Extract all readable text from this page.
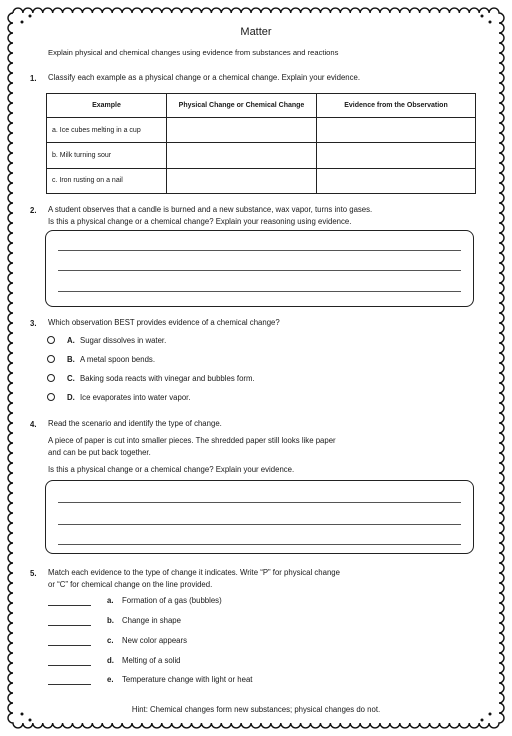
Matter
Explain physical and chemical changes using evidence from substances and reactions
1. Classify each example as a physical change or a chemical change. Explain your evidence.
Example	Physical Change or Chemical Change	Evidence from the Observation
a. Ice cubes melting in a cup		
b. Milk turning sour		
c. Iron rusting on a nail		
2. A student observes that a candle is burned and a new substance, wax vapor, turns into gases.
Is this a physical change or a chemical change? Explain your reasoning using evidence.
3. Which observation BEST provides evidence of a chemical change?
A. Sugar dissolves in water.
B. A metal spoon bends.
C. Baking soda reacts with vinegar and bubbles form.
D. Ice evaporates into water vapor.
4. Read the scenario and identify the type of change.
A piece of paper is cut into smaller pieces. The shredded paper still looks like paper
and can be put back together.
Is this a physical change or a chemical change? Explain your evidence.
5. Match each evidence to the type of change it indicates. Write “P” for physical change
or “C” for chemical change on the line provided.
a. Formation of a gas (bubbles)
b. Change in shape
c. New color appears
d. Melting of a solid
e. Temperature change with light or heat
Hint: Chemical changes form new substances; physical changes do not.
